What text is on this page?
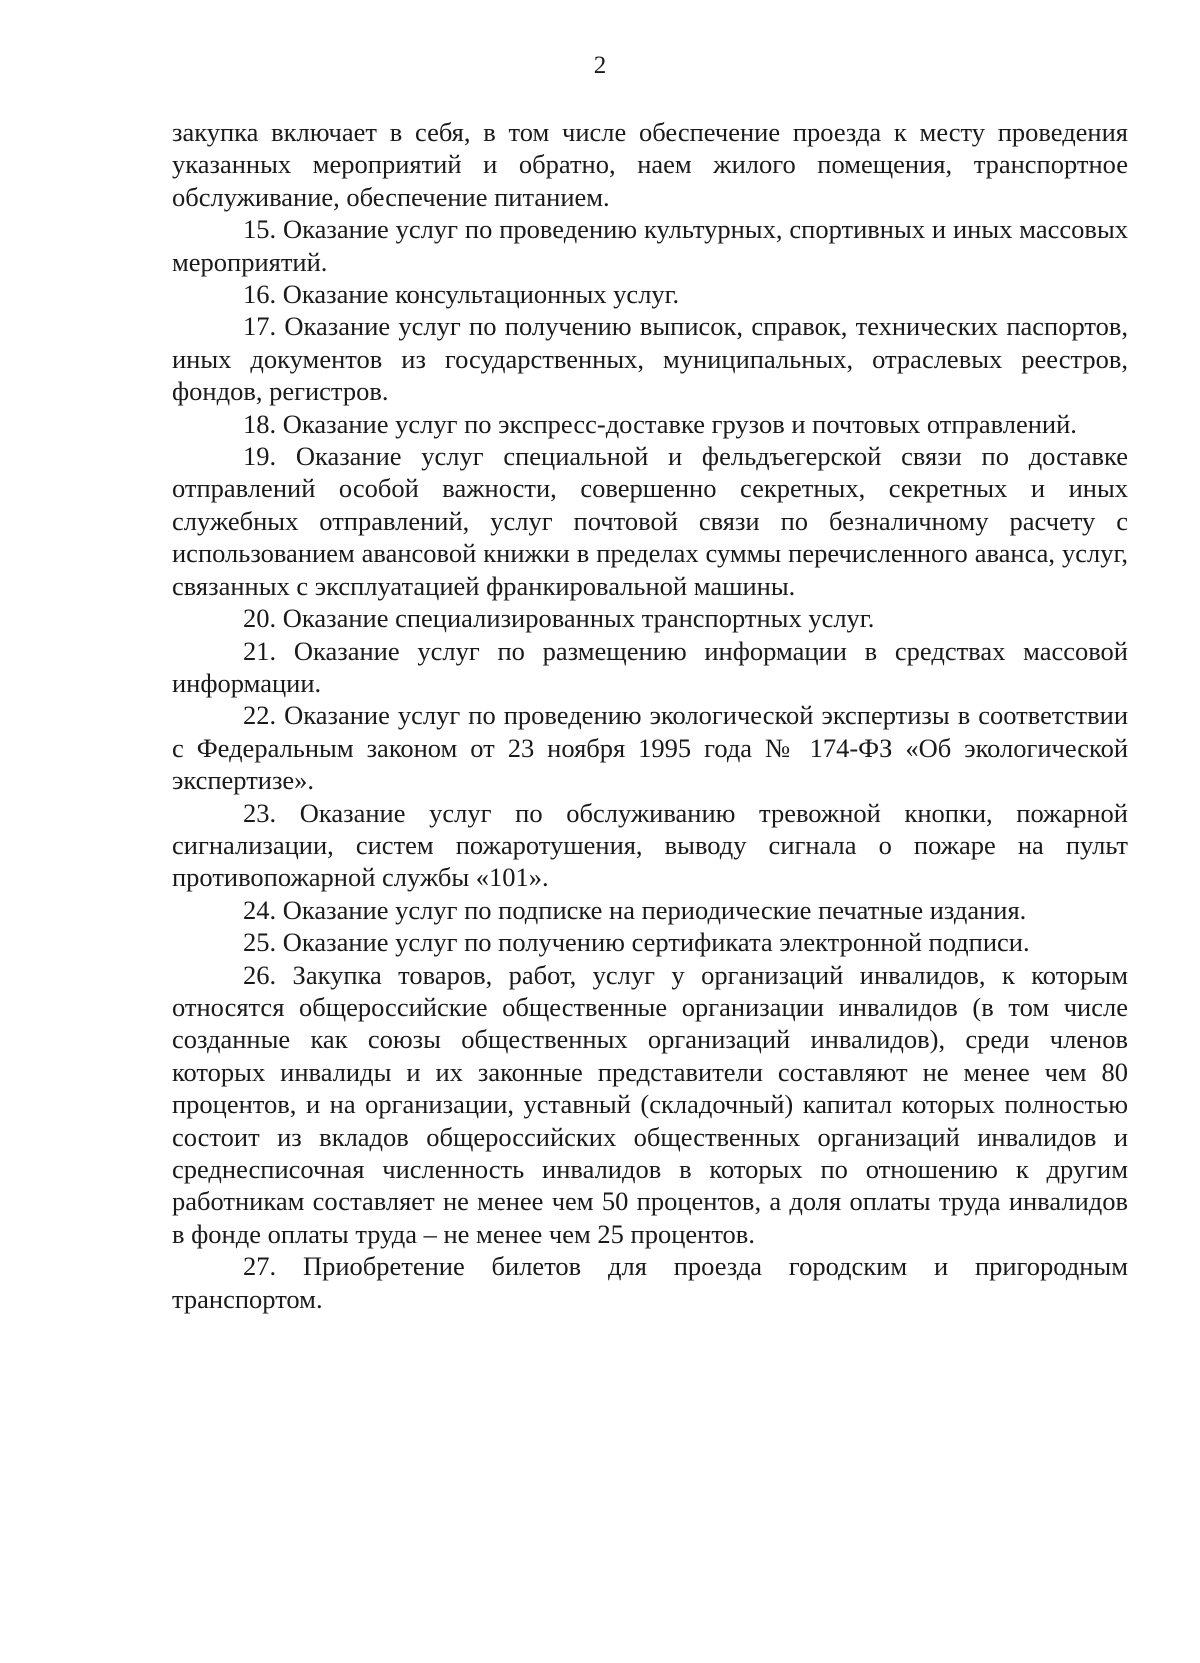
2

закупка включает в себя, в том числе обеспечение проезда к месту проведения указанных мероприятий и обратно, наем жилого помещения, транспортное обслуживание, обеспечение питанием.

15. Оказание услуг по проведению культурных, спортивных и иных массовых мероприятий.

16. Оказание консультационных услуг.

17. Оказание услуг по получению выписок, справок, технических паспортов, иных документов из государственных, муниципальных, отраслевых реестров, фондов, регистров.

18. Оказание услуг по экспресс-доставке грузов и почтовых отправлений.

19. Оказание услуг специальной и фельдъегерской связи по доставке отправлений особой важности, совершенно секретных, секретных и иных служебных отправлений, услуг почтовой связи по безналичному расчету с использованием авансовой книжки в пределах суммы перечисленного аванса, услуг, связанных с эксплуатацией франкировальной машины.

20. Оказание специализированных транспортных услуг.

21. Оказание услуг по размещению информации в средствах массовой информации.

22. Оказание услуг по проведению экологической экспертизы в соответствии с Федеральным законом от 23 ноября 1995 года № 174-ФЗ «Об экологической экспертизе».

23. Оказание услуг по обслуживанию тревожной кнопки, пожарной сигнализации, систем пожаротушения, выводу сигнала о пожаре на пульт противопожарной службы «101».

24. Оказание услуг по подписке на периодические печатные издания.

25. Оказание услуг по получению сертификата электронной подписи.

26. Закупка товаров, работ, услуг у организаций инвалидов, к которым относятся общероссийские общественные организации инвалидов (в том числе созданные как союзы общественных организаций инвалидов), среди членов которых инвалиды и их законные представители составляют не менее чем 80 процентов, и на организации, уставный (складочный) капитал которых полностью состоит из вкладов общероссийских общественных организаций инвалидов и среднесписочная численность инвалидов в которых по отношению к другим работникам составляет не менее чем 50 процентов, а доля оплаты труда инвалидов в фонде оплаты труда – не менее чем 25 процентов.

27. Приобретение билетов для проезда городским и пригородным транспортом.
